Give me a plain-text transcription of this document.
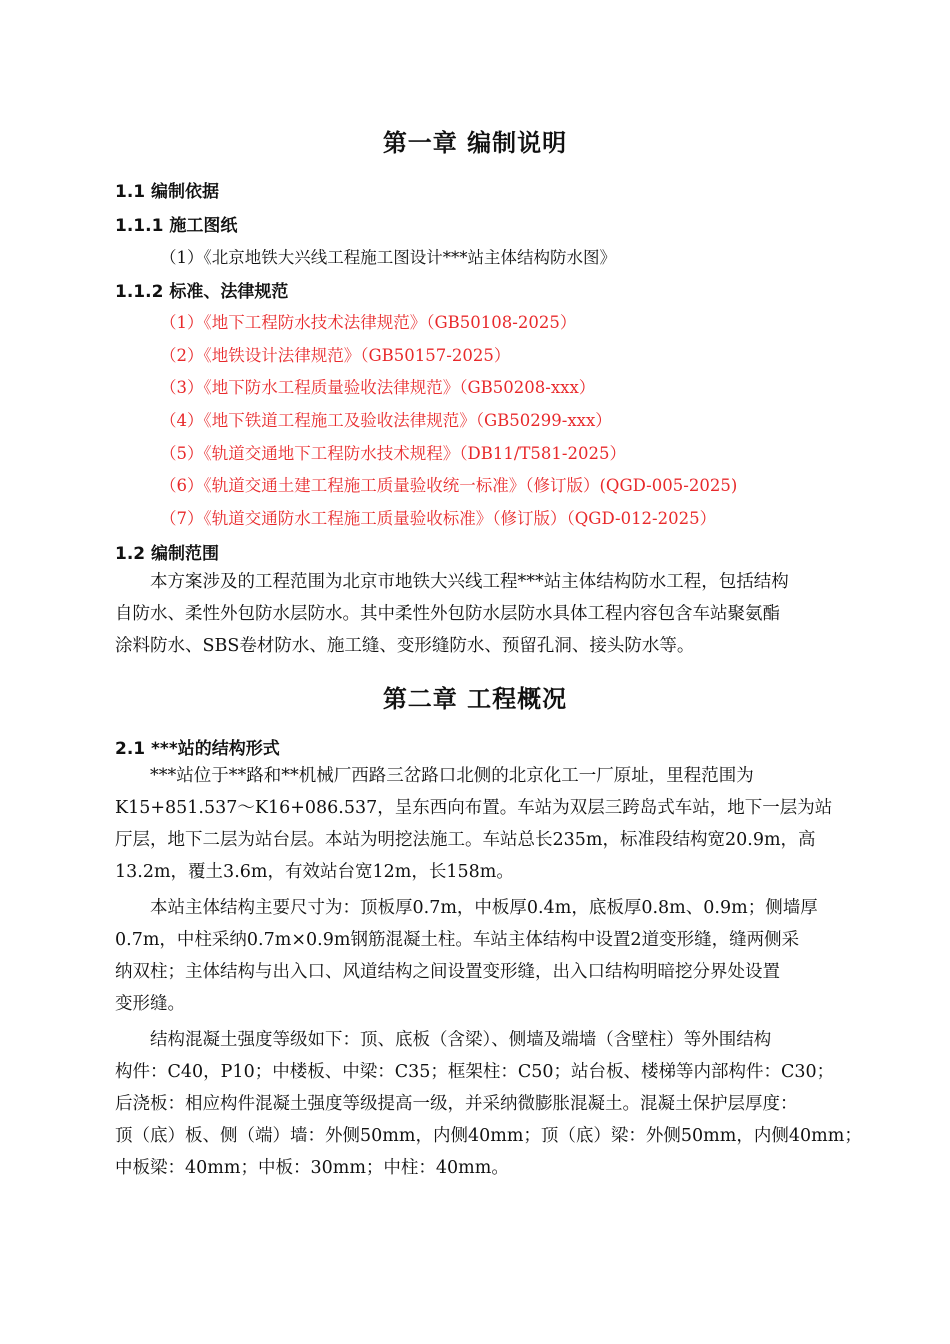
第一章 编制说明
1.1 编制依据
1.1.1 施工图纸

（1）《北京地铁大兴线工程施工图设计***站主体结构防水图》

1.1.2 标准、法律规范

（1）《地下工程防水技术法律规范》（GB50108-2025）

（2）《地铁设计法律规范》（GB50157-2025）

（3）《地下防水工程质量验收法律规范》（GB50208-xxx）

（4）《地下铁道工程施工及验收法律规范》（GB50299-xxx）

（5）《轨道交通地下工程防水技术规程》（DB11/T581-2025）

（6）《轨道交通土建工程施工质量验收统一标准》（修订版）(QGD-005-2025)

（7）《轨道交通防水工程施工质量验收标准》（修订版）（QGD-012-2025）

1.2 编制范围
本方案涉及的工程范围为北京市地铁大兴线工程***站主体结构防水工程，包括结构
自防水、柔性外包防水层防水。其中柔性外包防水层防水具体工程内容包含车站聚氨酯
涂料防水、SBS卷材防水、施工缝、变形缝防水、预留孔洞、接头防水等。
第二章 工程概况
2.1 ***站的结构形式
***站位于**路和**机械厂西路三岔路口北侧的北京化工一厂原址，里程范围为
K15+851.537～K16+086.537，呈东西向布置。车站为双层三跨岛式车站，地下一层为站
厅层，地下二层为站台层。本站为明挖法施工。车站总长235m，标准段结构宽20.9m，高
13.2m，覆土3.6m，有效站台宽12m，长158m。
本站主体结构主要尺寸为：顶板厚0.7m，中板厚0.4m，底板厚0.8m、0.9m；侧墙厚
0.7m，中柱采纳0.7m×0.9m钢筋混凝土柱。车站主体结构中设置2道变形缝，缝两侧采
纳双柱；主体结构与出入口、风道结构之间设置变形缝，出入口结构明暗挖分界处设置
变形缝。
结构混凝土强度等级如下：顶、底板（含梁）、侧墙及端墙（含壁柱）等外围结构
构件：C40，P10；中楼板、中梁：C35；框架柱：C50；站台板、楼梯等内部构件：C30；
后浇板：相应构件混凝土强度等级提高一级，并采纳微膨胀混凝土。混凝土保护层厚度：
顶（底）板、侧（端）墙：外侧50mm，内侧40mm；顶（底）梁：外侧50mm，内侧40mm；
中板梁：40mm；中板：30mm；中柱：40mm。
